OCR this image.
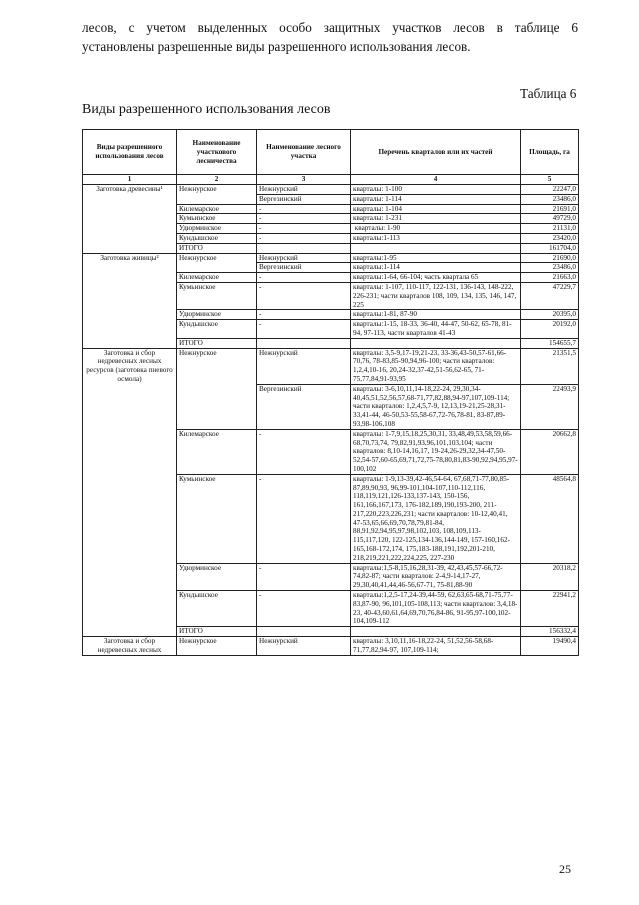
лесов, с учетом выделенных особо защитных участков лесов в таблице 6
установлены разрешенные виды разрешенного использования лесов.
Таблица 6
Виды разрешенного использования лесов
Виды разрешенного использования лесов	Наименование участкового лесничества	Наименование лесного участка	Перечень кварталов или их частей	Площадь, га
1	2	3	4	5
Заготовка древесины¹	Нежнурское	Нежнурский	кварталы: 1-100	22247,0
		Вергезинский	кварталы: 1-114	23486,0
	Килемарское	-	кварталы: 1-104	21691,0
	Кумьинское	-	кварталы: 1-231	49729,0
	Удюрминское	-	кварталы: 1-90	21131,0
	Кундышское	-	кварталы:1-113	23420,0
	ИТОГО			161704,0
Заготовка живицы²	Нежнурское	Нежнурский	кварталы:1-95	21690,0
		Вергезинский	кварталы:1-114	23486,0
	Килемарское	-	кварталы:1-64, 66-104; часть квартала 65	21663,0
	Кумьинское	-	кварталы: 1-107, 110-117, 122-131, 136-143, 148-222, 226-231; части кварталов 108, 109, 134, 135, 146, 147, 225	47229,7
	Удюрминское	-	кварталы:1-81, 87-90	20395,0
	Кундышское	-	кварталы:1-15, 18-33, 36-40, 44-47, 50-62, 65-78, 81-94, 97-113, части кварталов 41-43	20192,0
	ИТОГО			154655,7
Заготовка и сбор недревесных лесных ресурсов (заготовка пневого осмола)	Нежнурское	Нежнурский	кварталы: 3,5-9,17-19,21-23, 33-36,43-50,57-61,66-70,76, 78-83,85-90,94,96-100; части кварталов: 1,2,4,10-16, 20,24-32,37-42,51-56,62-65, 71-75,77,84,91-93,95	21351,5
		Вергезинский	кварталы: 3-6,10,11,14-18,22-24, 29,30,34-40,45,51,52,56,57,68-71,77,82,88,94-97,107,109-114; части кварталов: 1,2,4,5,7-9, 12,13,19-21,25-28,31-33,41-44, 46-50,53-55,58-67,72-76,78-81, 83-87,89-93,98-106,108	22493,9
	Килемарское	-	кварталы: 1-7,9,15,18,25,30,31, 33,48,49,53,58,59,66-68,70,73,74, 79,82,91,93,96,101,103,104; части кварталов: 8,10-14,16,17, 19-24,26-29,32,34-47,50-52,54-57,60-65,69,71,72,75-78,80,81,83-90,92,94,95,97-100,102	20662,8
	Кумьинское	-	кварталы: 1-9,13-39,42-46,54-64, 67,68,71-77,80,85-87,89,90,93, 96,99-101,104-107,110-112,116, 118,119,121,126-133,137-143, 150-156, 161,166,167,173, 176-182,189,190,193-200, 211-217,220,223,226,231; части кварталов: 10-12,40,41, 47-53,65,66,69,70,78,79,81-84, 88,91,92,94,95,97,98,102,103, 108,109,113-115,117,120, 122-125,134-136,144-149, 157-160,162-165,168-172,174, 175,183-188,191,192,201-210, 218,219,221,222,224,225, 227-230	48564,8
	Удюрминское	-	кварталы:1,5-8,15,16,28,31-39, 42,43,45,57-66,72-74,82-87; части кварталов: 2-4,9-14,17-27, 29,30,40,41,44,46-56,67-71, 75-81,88-90	20318,2
	Кундышское	-	кварталы:1,2,5-17,24-39,44-59, 62,63,65-68,71-75,77-83,87-90, 96,101,105-108,113; части кварталов: 3,4,18-23, 40-43,60,61,64,69,70,76,84-86, 91-95,97-100,102-104,109-112	22941,2
	ИТОГО			156332,4
Заготовка и сбор недревесных лесных	Нежнурское	Нежнурский	кварталы: 3,10,11,16-18,22-24, 51,52,56-58,68-71,77,82,94-97, 107,109-114;	19490,4
25
